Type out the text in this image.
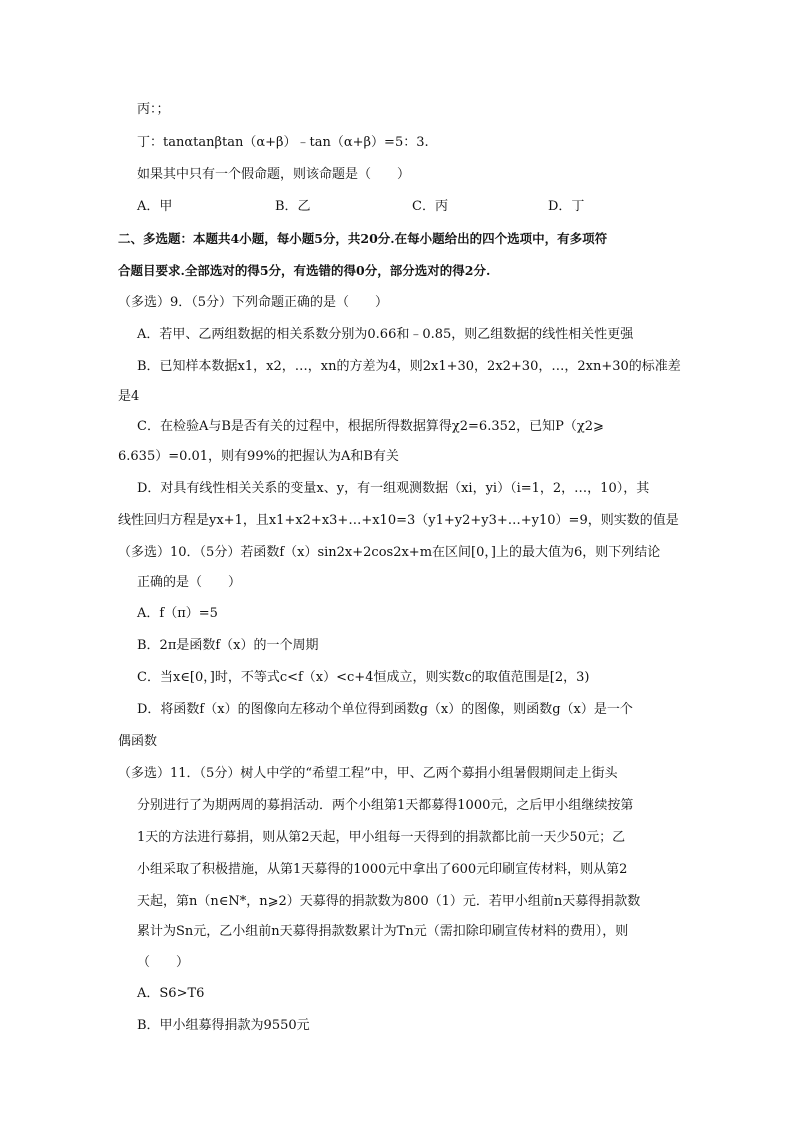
丙：；
丁：tanαtanβtan（α+β）﹣tan（α+β）=5：3.
如果其中只有一个假命题，则该命题是（　　）
A．甲	B．乙	C．丙	D．丁
二、多选题：本题共4小题，每小题5分，共20分.在每小题给出的四个选项中，有多项符
合题目要求.全部选对的得5分，有选错的得0分，部分选对的得2分.
（多选）9．（5分）下列命题正确的是（　　）
A．若甲、乙两组数据的相关系数分别为0.66和﹣0.85，则乙组数据的线性相关性更强
B．已知样本数据x1，x2，…，xn的方差为4，则2x1+30，2x2+30，…，2xn+30的标准差
是4
C．在检验A与B是否有关的过程中，根据所得数据算得χ2=6.352，已知P（χ2⩾
6.635）=0.01，则有99%的把握认为A和B有关
D．对具有线性相关关系的变量x、y，有一组观测数据（xi，yi）（i=1，2，…，10），其
线性回归方程是yx+1，且x1+x2+x3+…+x10=3（y1+y2+y3+…+y10）=9，则实数的值是
（多选）10．（5分）若函数f（x）sin2x+2cos2x+m在区间[0，]上的最大值为6，则下列结论
正确的是（　　）
A．f（π）=5
B．2π是函数f（x）的一个周期
C．当x∈[0，]时，不等式c<f（x）<c+4恒成立，则实数c的取值范围是[2，3)
D．将函数f（x）的图像向左移动个单位得到函数g（x）的图像，则函数g（x）是一个
偶函数
（多选）11．（5分）树人中学的“希望工程”中，甲、乙两个募捐小组暑假期间走上街头
分别进行了为期两周的募捐活动．两个小组第1天都募得1000元，之后甲小组继续按第
1天的方法进行募捐，则从第2天起，甲小组每一天得到的捐款都比前一天少50元；乙
小组采取了积极措施，从第1天募得的1000元中拿出了600元印刷宣传材料，则从第2
天起，第n（n∈N*，n⩾2）天募得的捐款数为800（1）元．若甲小组前n天募得捐款数
累计为Sn元，乙小组前n天募得捐款数累计为Tn元（需扣除印刷宣传材料的费用），则
（　　）
A．S6>T6
B．甲小组募得捐款为9550元
